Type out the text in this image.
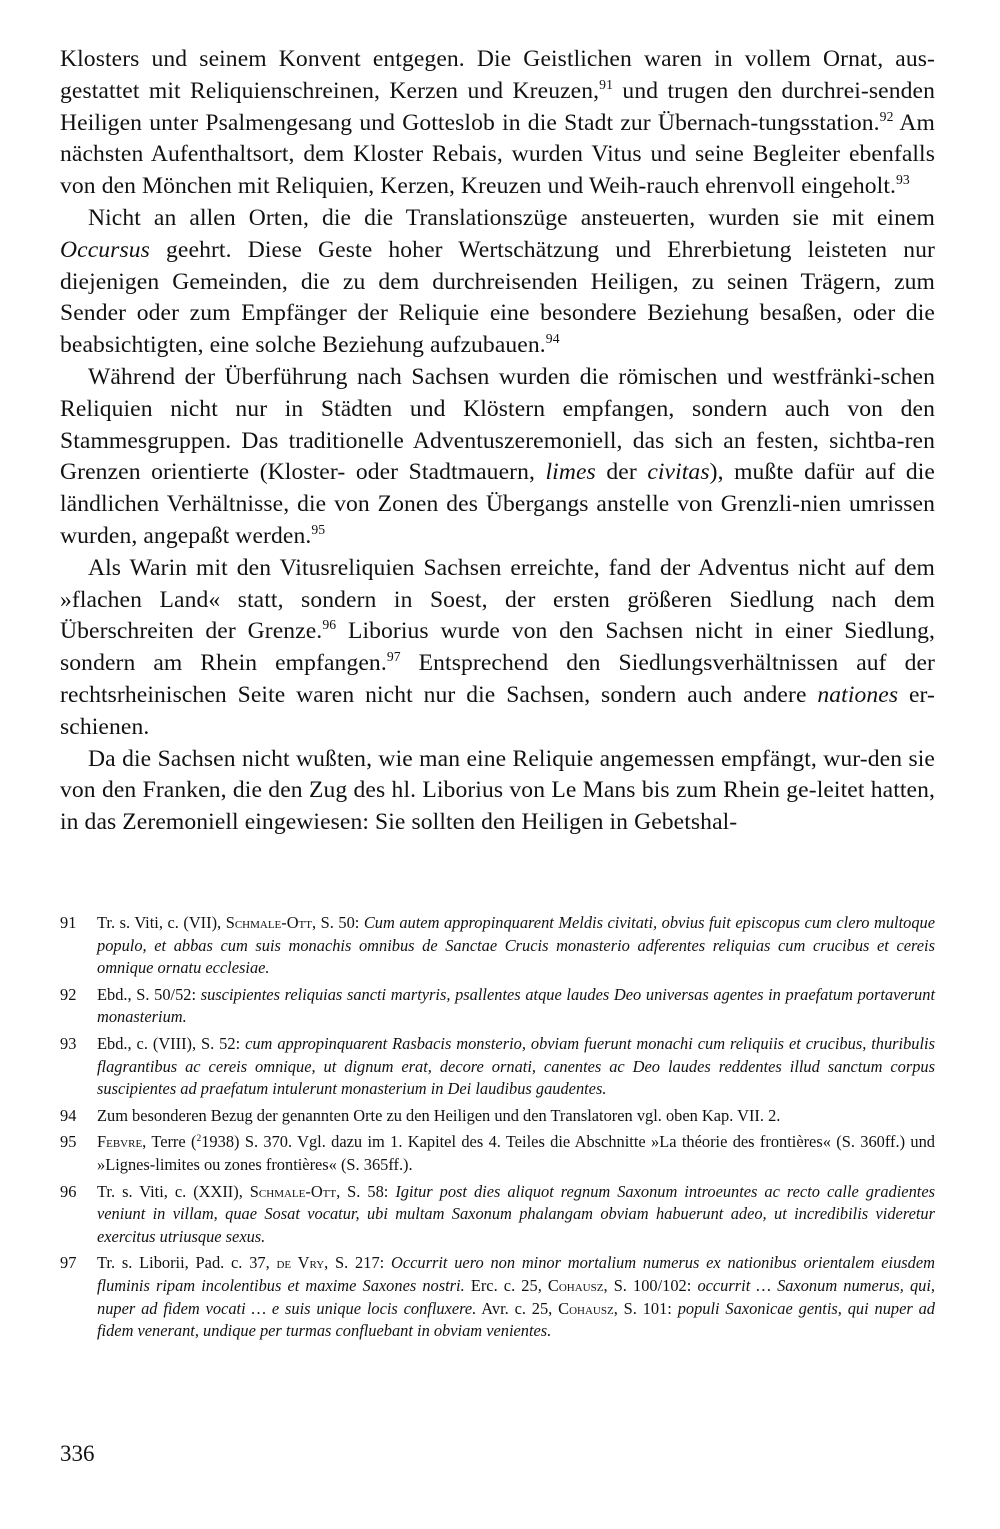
Klosters und seinem Konvent entgegen. Die Geistlichen waren in vollem Ornat, aus-gestattet mit Reliquienschreinen, Kerzen und Kreuzen,$^{91}$ und trugen den durchrei-senden Heiligen unter Psalmengesang und Gotteslob in die Stadt zur Übernach-tungsstation.$^{92}$ Am nächsten Aufenthaltsort, dem Kloster Rebais, wurden Vitus und seine Begleiter ebenfalls von den Mönchen mit Reliquien, Kerzen, Kreuzen und Weih-rauch ehrenvoll eingeholt.$^{93}$

Nicht an allen Orten, die die Translationszüge ansteuerten, wurden sie mit einem Occursus geehrt. Diese Geste hoher Wertschätzung und Ehrerbietung leisteten nur diejenigen Gemeinden, die zu dem durchreisenden Heiligen, zu seinen Trägern, zum Sender oder zum Empfänger der Reliquie eine besondere Beziehung besaßen, oder die beabsichtigten, eine solche Beziehung aufzubauen.$^{94}$

Während der Überführung nach Sachsen wurden die römischen und westfränki-schen Reliquien nicht nur in Städten und Klöstern empfangen, sondern auch von den Stammesgruppen. Das traditionelle Adventuszeremoniell, das sich an festen, sichtba-ren Grenzen orientierte (Kloster- oder Stadtmauern, limes der civitas), mußte dafür auf die ländlichen Verhältnisse, die von Zonen des Übergangs anstelle von Grenzli-nien umrissen wurden, angepaßt werden.$^{95}$

Als Warin mit den Vitusreliquien Sachsen erreichte, fand der Adventus nicht auf dem »flachen Land« statt, sondern in Soest, der ersten größeren Siedlung nach dem Überschreiten der Grenze.$^{96}$ Liborius wurde von den Sachsen nicht in einer Siedlung, sondern am Rhein empfangen.$^{97}$ Entsprechend den Siedlungsverhältnissen auf der rechtsrheinischen Seite waren nicht nur die Sachsen, sondern auch andere nationes er-schienen.

Da die Sachsen nicht wußten, wie man eine Reliquie angemessen empfängt, wur-den sie von den Franken, die den Zug des hl. Liborius von Le Mans bis zum Rhein ge-leitet hatten, in das Zeremoniell eingewiesen: Sie sollten den Heiligen in Gebetshal-

91 Tr. s. Viti, c. (VII), Schmale-Ott, S. 50: Cum autem appropinquarent Meldis civitati, obvius fuit episcopus cum clero multoque populo, et abbas cum suis monachis omnibus de Sanctae Crucis monasterio adferentes reliquias cum crucibus et cereis omnique ornatu ecclesiae.
92 Ebd., S. 50/52: suscipientes reliquias sancti martyris, psallentes atque laudes Deo universas agentes in praefatum portaverunt monasterium.
93 Ebd., c. (VIII), S. 52: cum appropinquarent Rasbacis monsterio, obviam fuerunt monachi cum reliquiis et crucibus, thuribulis flagrantibus ac cereis omnique, ut dignum erat, decore ornati, canentes ac Deo laudes reddentes illud sanctum corpus suscipientes ad praefatum intulerunt monasterium in Dei laudibus gaudentes.
94 Zum besonderen Bezug der genannten Orte zu den Heiligen und den Translatoren vgl. oben Kap. VII. 2.
95 Febvre, Terre ($^2$1938) S. 370. Vgl. dazu im 1. Kapitel des 4. Teiles die Abschnitte »La théorie des frontières« (S. 360ff.) und »Lignes-limites ou zones frontières« (S. 365ff.).
96 Tr. s. Viti, c. (XXII), Schmale-Ott, S. 58: Igitur post dies aliquot regnum Saxonum introeuntes ac recto calle gradientes veniunt in villam, quae Sosat vocatur, ubi multam Saxonum phalangam obviam habuerunt adeo, ut incredibilis videretur exercitus utriusque sexus.
97 Tr. s. Liborii, Pad. c. 37, de Vry, S. 217: Occurrit uero non minor mortalium numerus ex nationibus orientalem eiusdem fluminis ripam incolentibus et maxime Saxones nostri. Erc. c. 25, Cohausz, S. 100/102: occurrit … Saxonum numerus, qui, nuper ad fidem vocati … e suis unique locis confluxere. Avr. c. 25, Cohausz, S. 101: populi Saxonicae gentis, qui nuper ad fidem venerant, undique per turmas confluebant in obviam venientes.
336
